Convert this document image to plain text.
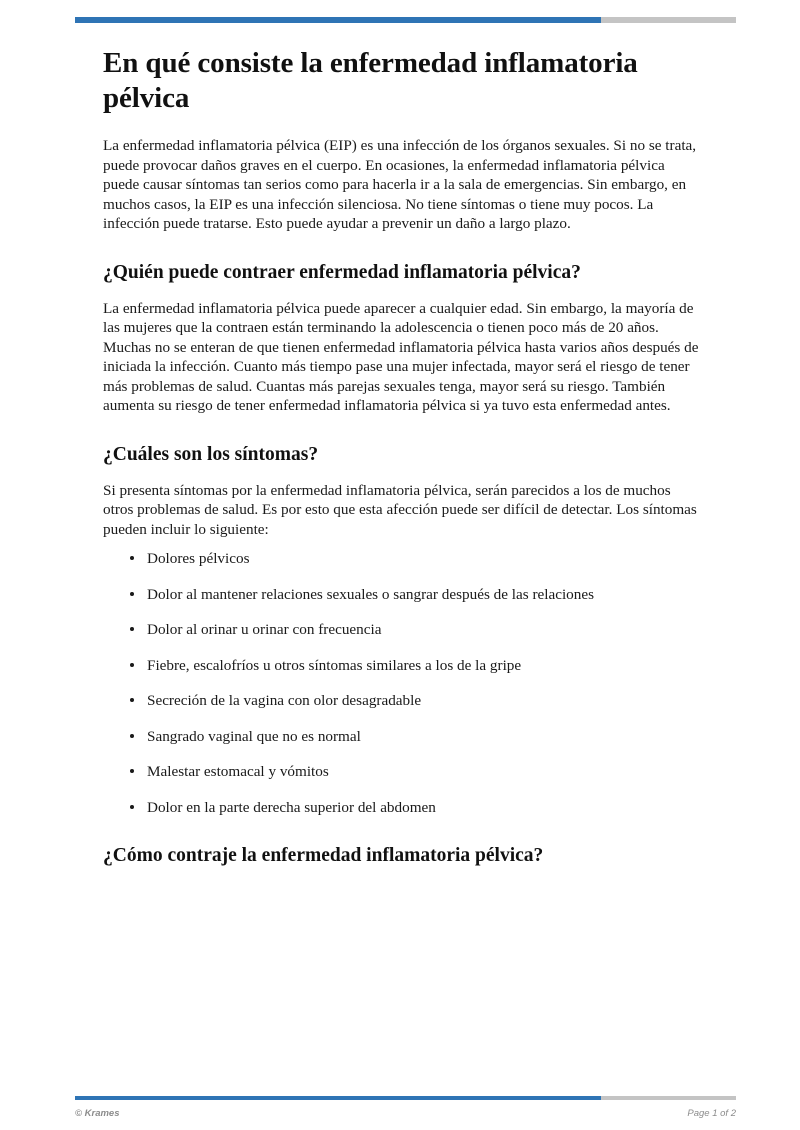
En qué consiste la enfermedad inflamatoria pélvica

La enfermedad inflamatoria pélvica (EIP) es una infección de los órganos sexuales. Si no se trata, puede provocar daños graves en el cuerpo. En ocasiones, la enfermedad inflamatoria pélvica puede causar síntomas tan serios como para hacerla ir a la sala de emergencias. Sin embargo, en muchos casos, la EIP es una infección silenciosa. No tiene síntomas o tiene muy pocos. La infección puede tratarse. Esto puede ayudar a prevenir un daño a largo plazo.

¿Quién puede contraer enfermedad inflamatoria pélvica?

La enfermedad inflamatoria pélvica puede aparecer a cualquier edad. Sin embargo, la mayoría de las mujeres que la contraen están terminando la adolescencia o tienen poco más de 20 años. Muchas no se enteran de que tienen enfermedad inflamatoria pélvica hasta varios años después de iniciada la infección. Cuanto más tiempo pase una mujer infectada, mayor será el riesgo de tener más problemas de salud. Cuantas más parejas sexuales tenga, mayor será su riesgo. También aumenta su riesgo de tener enfermedad inflamatoria pélvica si ya tuvo esta enfermedad antes.

¿Cuáles son los síntomas?

Si presenta síntomas por la enfermedad inflamatoria pélvica, serán parecidos a los de muchos otros problemas de salud. Es por esto que esta afección puede ser difícil de detectar. Los síntomas pueden incluir lo siguiente:

Dolores pélvicos
Dolor al mantener relaciones sexuales o sangrar después de las relaciones
Dolor al orinar u orinar con frecuencia
Fiebre, escalofríos u otros síntomas similares a los de la gripe
Secreción de la vagina con olor desagradable
Sangrado vaginal que no es normal
Malestar estomacal y vómitos
Dolor en la parte derecha superior del abdomen
¿Cómo contraje la enfermedad inflamatoria pélvica?
© Krames	Page 1 of 2
